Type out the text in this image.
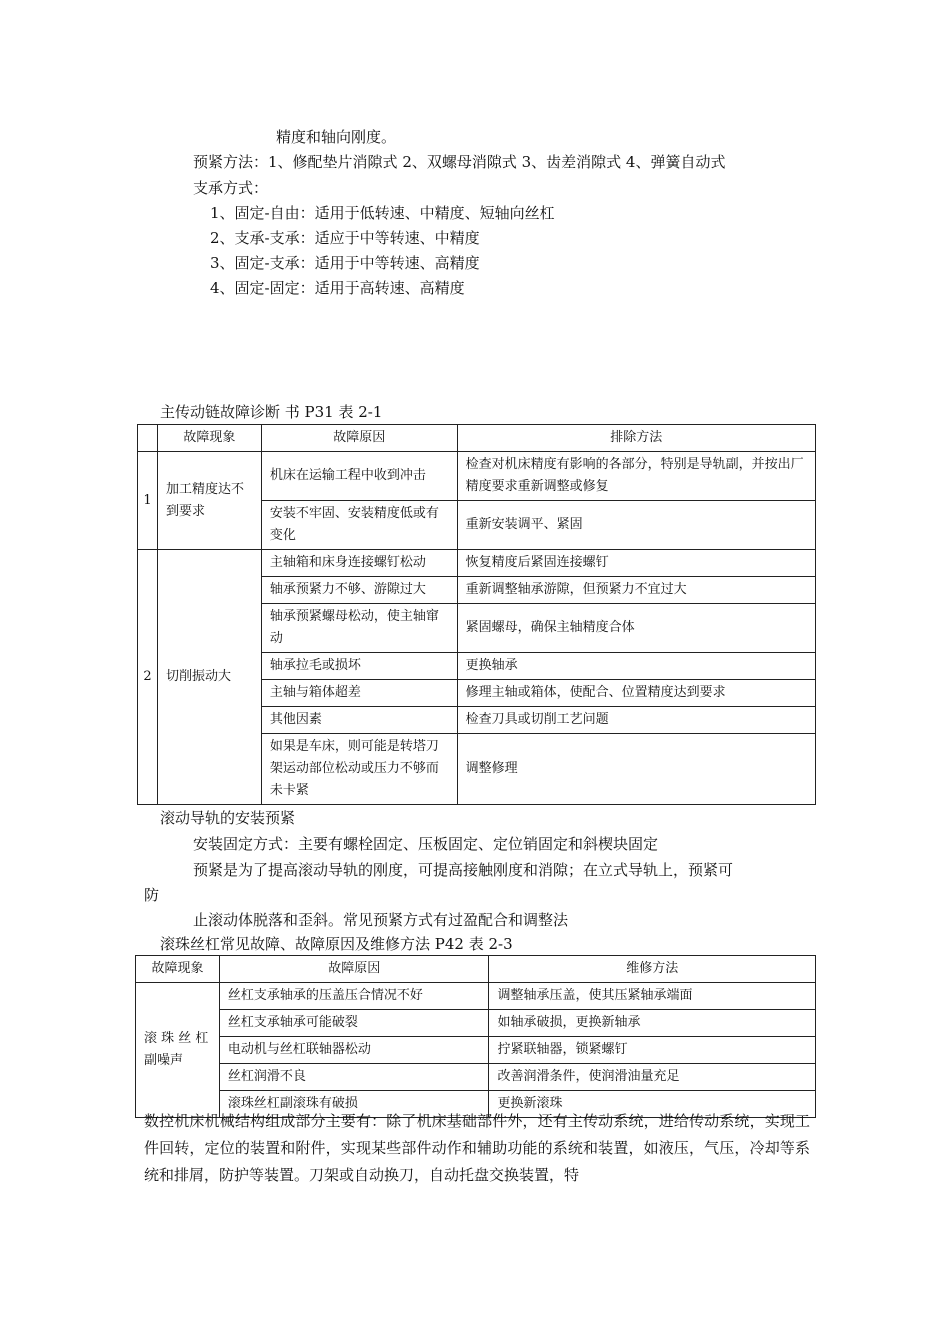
精度和轴向刚度。
预紧方法：1、修配垫片消隙式 2、双螺母消隙式 3、齿差消隙式 4、弹簧自动式
支承方式：
1、固定-自由：适用于低转速、中精度、短轴向丝杠
2、支承-支承：适应于中等转速、中精度
3、固定-支承：适用于中等转速、高精度
4、固定-固定：适用于高转速、高精度
主传动链故障诊断 书 P31 表 2-1
	故障现象	故障原因	排除方法
1	加工精度达不到要求	机床在运输工程中收到冲击	检查对机床精度有影响的各部分，特别是导轨副，并按出厂精度要求重新调整或修复
		安装不牢固、安装精度低或有变化	重新安装调平、紧固
2	切削振动大	主轴箱和床身连接螺钉松动	恢复精度后紧固连接螺钉
		轴承预紧力不够、游隙过大	重新调整轴承游隙，但预紧力不宜过大
		轴承预紧螺母松动，使主轴窜动	紧固螺母，确保主轴精度合体
		轴承拉毛或损坏	更换轴承
		主轴与箱体超差	修理主轴或箱体，使配合、位置精度达到要求
		其他因素	检查刀具或切削工艺问题
		如果是车床，则可能是转塔刀架运动部位松动或压力不够而未卡紧	调整修理
滚动导轨的安装预紧
安装固定方式：主要有螺栓固定、压板固定、定位销固定和斜楔块固定
预紧是为了提高滚动导轨的刚度，可提高接触刚度和消隙；在立式导轨上，预紧可
防
止滚动体脱落和歪斜。常见预紧方式有过盈配合和调整法
滚珠丝杠常见故障、故障原因及维修方法 P42 表 2-3
故障现象	故障原因	维修方法
滚 珠 丝 杠副噪声	丝杠支承轴承的压盖压合情况不好	调整轴承压盖，使其压紧轴承端面
	丝杠支承轴承可能破裂	如轴承破损，更换新轴承
	电动机与丝杠联轴器松动	拧紧联轴器，锁紧螺钉
	丝杠润滑不良	改善润滑条件，使润滑油量充足
	滚珠丝杠副滚珠有破损	更换新滚珠
数控机床机械结构组成部分主要有：除了机床基础部件外，还有主传动系统，进给传动系统，实现工件回转，定位的装置和附件，实现某些部件动作和辅助功能的系统和装置，如液压，气压，冷却等系统和排屑，防护等装置。刀架或自动换刀，自动托盘交换装置，特
